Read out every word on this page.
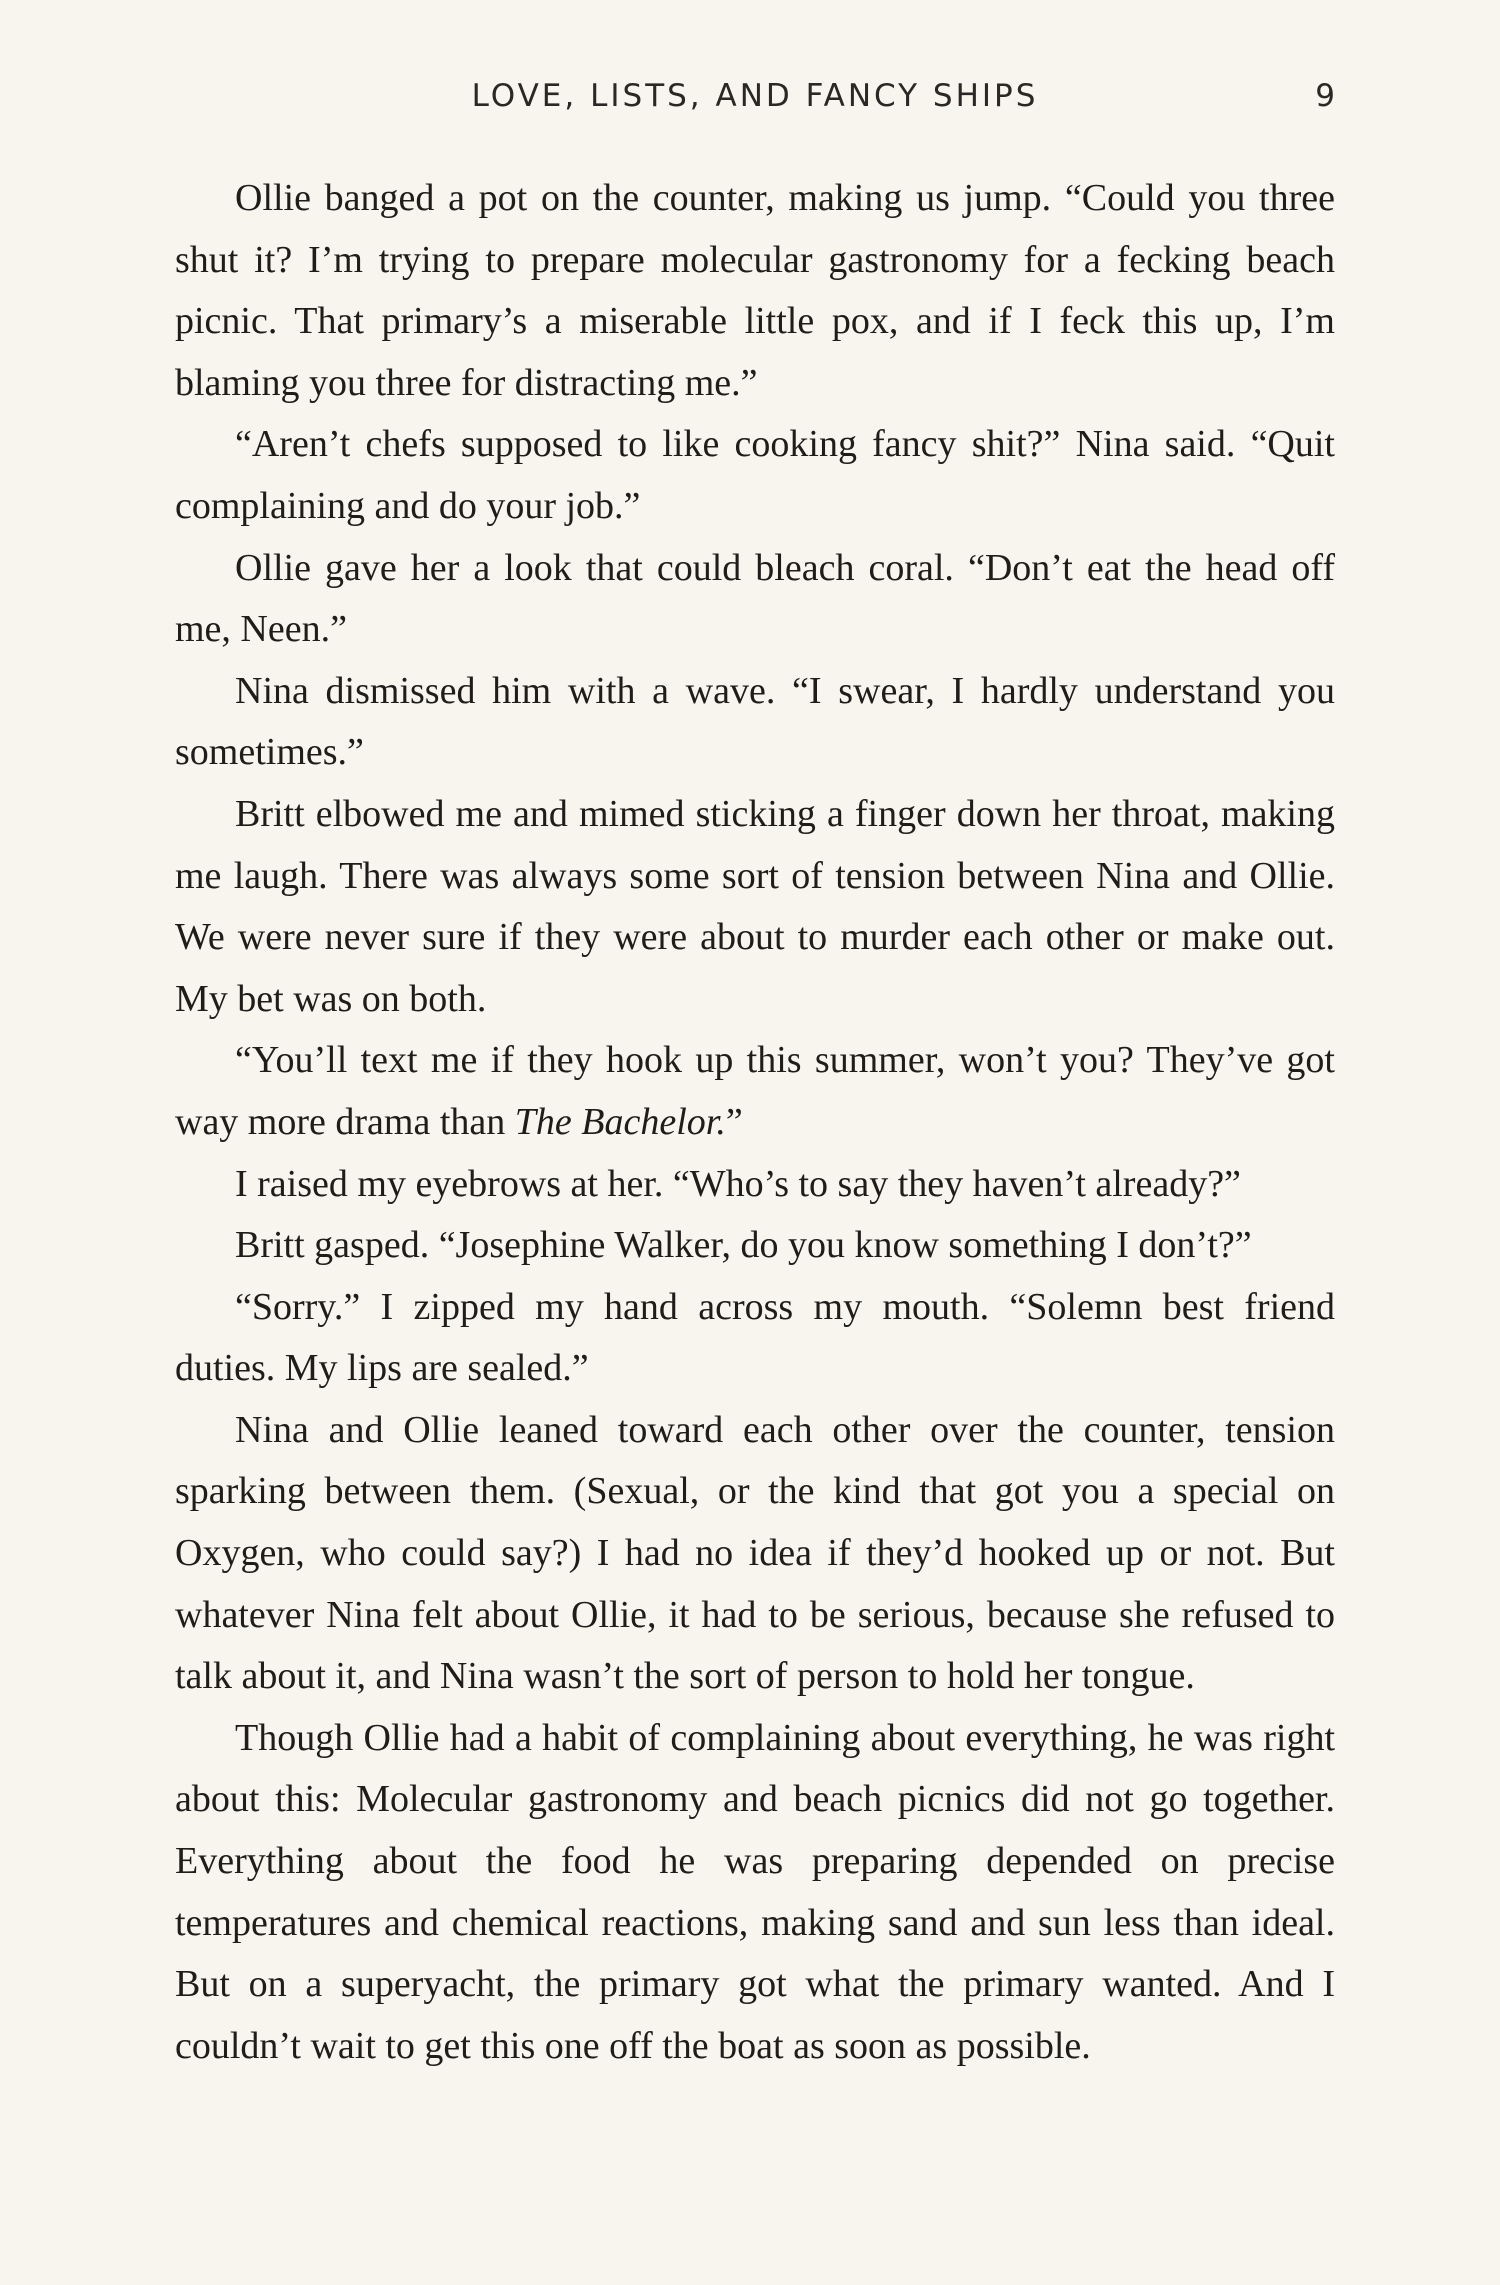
LOVE, LISTS, AND FANCY SHIPS	9

Ollie banged a pot on the counter, making us jump. “Could you three shut it? I’m trying to prepare molecular gastronomy for a fecking beach picnic. That primary’s a miserable little pox, and if I feck this up, I’m blaming you three for distracting me.”

“Aren’t chefs supposed to like cooking fancy shit?” Nina said. “Quit complaining and do your job.”

Ollie gave her a look that could bleach coral. “Don’t eat the head off me, Neen.”

Nina dismissed him with a wave. “I swear, I hardly understand you sometimes.”

Britt elbowed me and mimed sticking a finger down her throat, making me laugh. There was always some sort of tension between Nina and Ollie. We were never sure if they were about to murder each other or make out. My bet was on both.

“You’ll text me if they hook up this summer, won’t you? They’ve got way more drama than The Bachelor.”

I raised my eyebrows at her. “Who’s to say they haven’t already?”

Britt gasped. “Josephine Walker, do you know something I don’t?”

“Sorry.” I zipped my hand across my mouth. “Solemn best friend duties. My lips are sealed.”

Nina and Ollie leaned toward each other over the counter, tension sparking between them. (Sexual, or the kind that got you a special on Oxygen, who could say?) I had no idea if they’d hooked up or not. But whatever Nina felt about Ollie, it had to be serious, because she refused to talk about it, and Nina wasn’t the sort of person to hold her tongue.

Though Ollie had a habit of complaining about everything, he was right about this: Molecular gastronomy and beach picnics did not go together. Everything about the food he was preparing depended on precise temperatures and chemical reactions, making sand and sun less than ideal. But on a superyacht, the primary got what the primary wanted. And I couldn’t wait to get this one off the boat as soon as possible.
